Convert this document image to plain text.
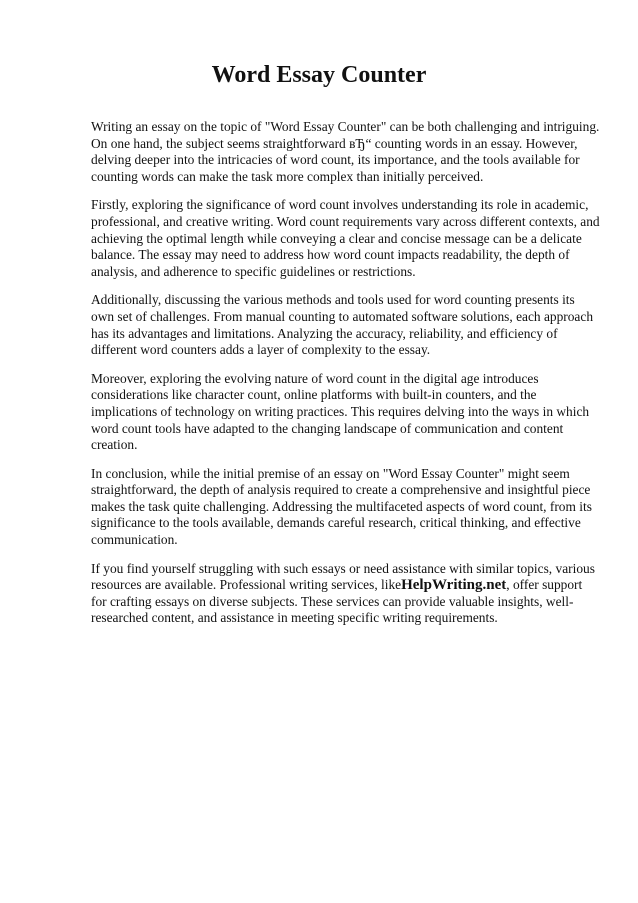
Word Essay Counter

Writing an essay on the topic of "Word Essay Counter" can be both challenging and intriguing. On one hand, the subject seems straightforward вЂ“ counting words in an essay. However, delving deeper into the intricacies of word count, its importance, and the tools available for counting words can make the task more complex than initially perceived.

Firstly, exploring the significance of word count involves understanding its role in academic, professional, and creative writing. Word count requirements vary across different contexts, and achieving the optimal length while conveying a clear and concise message can be a delicate balance. The essay may need to address how word count impacts readability, the depth of analysis, and adherence to specific guidelines or restrictions.

Additionally, discussing the various methods and tools used for word counting presents its own set of challenges. From manual counting to automated software solutions, each approach has its advantages and limitations. Analyzing the accuracy, reliability, and efficiency of different word counters adds a layer of complexity to the essay.

Moreover, exploring the evolving nature of word count in the digital age introduces considerations like character count, online platforms with built-in counters, and the implications of technology on writing practices. This requires delving into the ways in which word count tools have adapted to the changing landscape of communication and content creation.

In conclusion, while the initial premise of an essay on "Word Essay Counter" might seem straightforward, the depth of analysis required to create a comprehensive and insightful piece makes the task quite challenging. Addressing the multifaceted aspects of word count, from its significance to the tools available, demands careful research, critical thinking, and effective communication.

If you find yourself struggling with such essays or need assistance with similar topics, various resources are available. Professional writing services, likeHelpWriting.net, offer support for crafting essays on diverse subjects. These services can provide valuable insights, well-researched content, and assistance in meeting specific writing requirements.
